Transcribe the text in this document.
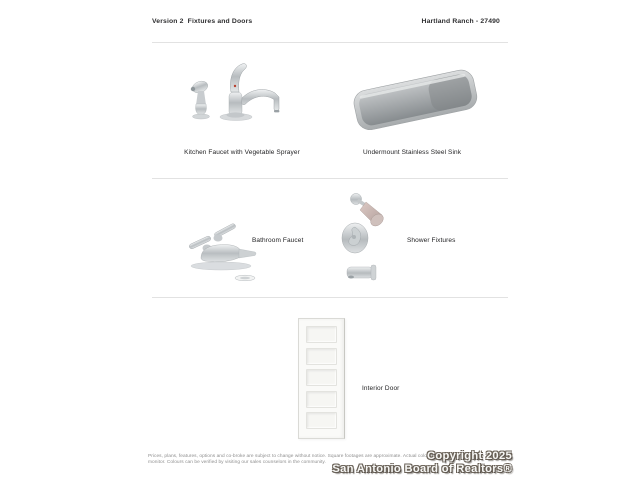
Version 2  Fixtures and Doors	Hartland Ranch - 27490
Kitchen Faucet with Vegetable Sprayer	Undermount Stainless Steel Sink
Bathroom Faucet	Shower Fixtures
Interior Door
Prices, plans, features, options and co-broke are subject to change without notice. Square footages are approximate. Actual colors may vary by
monitor. Colours can be verified by visiting our sales counselors in the community.
Copyright 2025
San Antonio Board of Realtors®
